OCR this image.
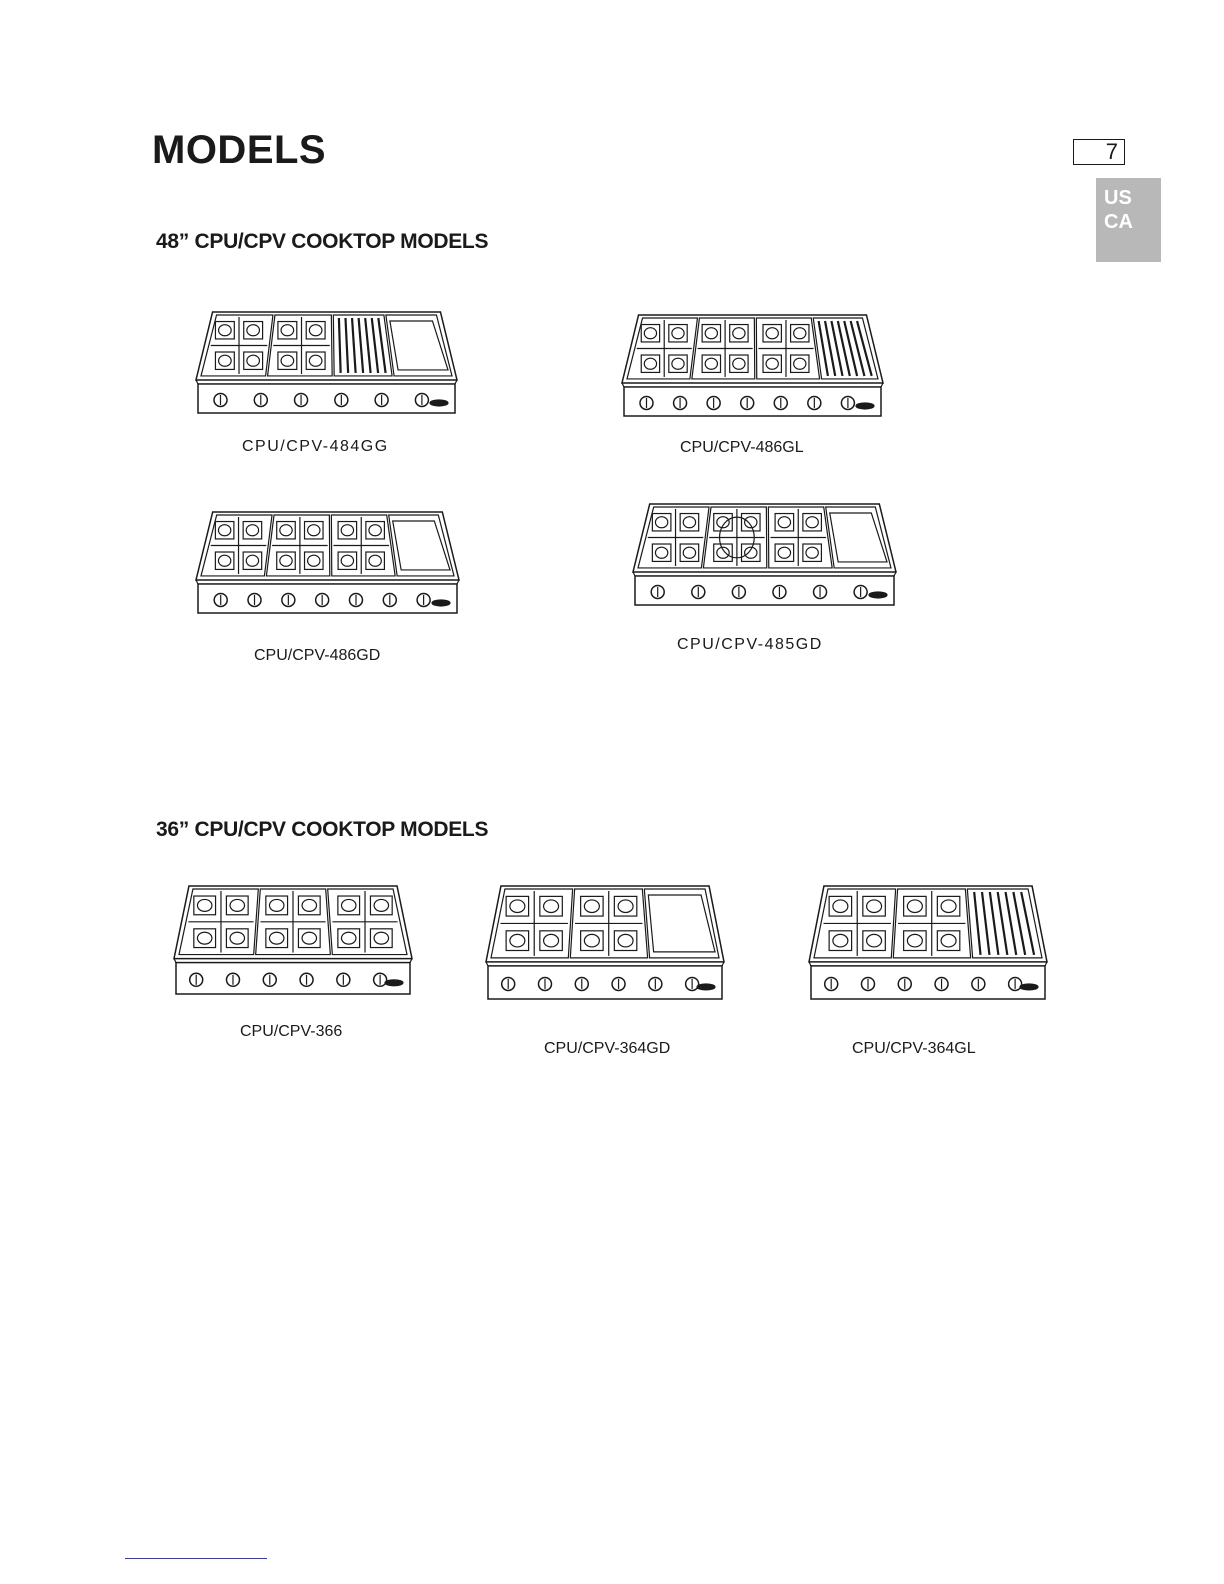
MODELS	7
US
CA
48” CPU/CPV COOKTOP MODELS
CPU/CPV-484GG	CPU/CPV-486GL
CPU/CPV-486GD
CPU/CPV-485GD
36” CPU/CPV COOKTOP MODELS
CPU/CPV-366
CPU/CPV-364GD	CPU/CPV-364GL
